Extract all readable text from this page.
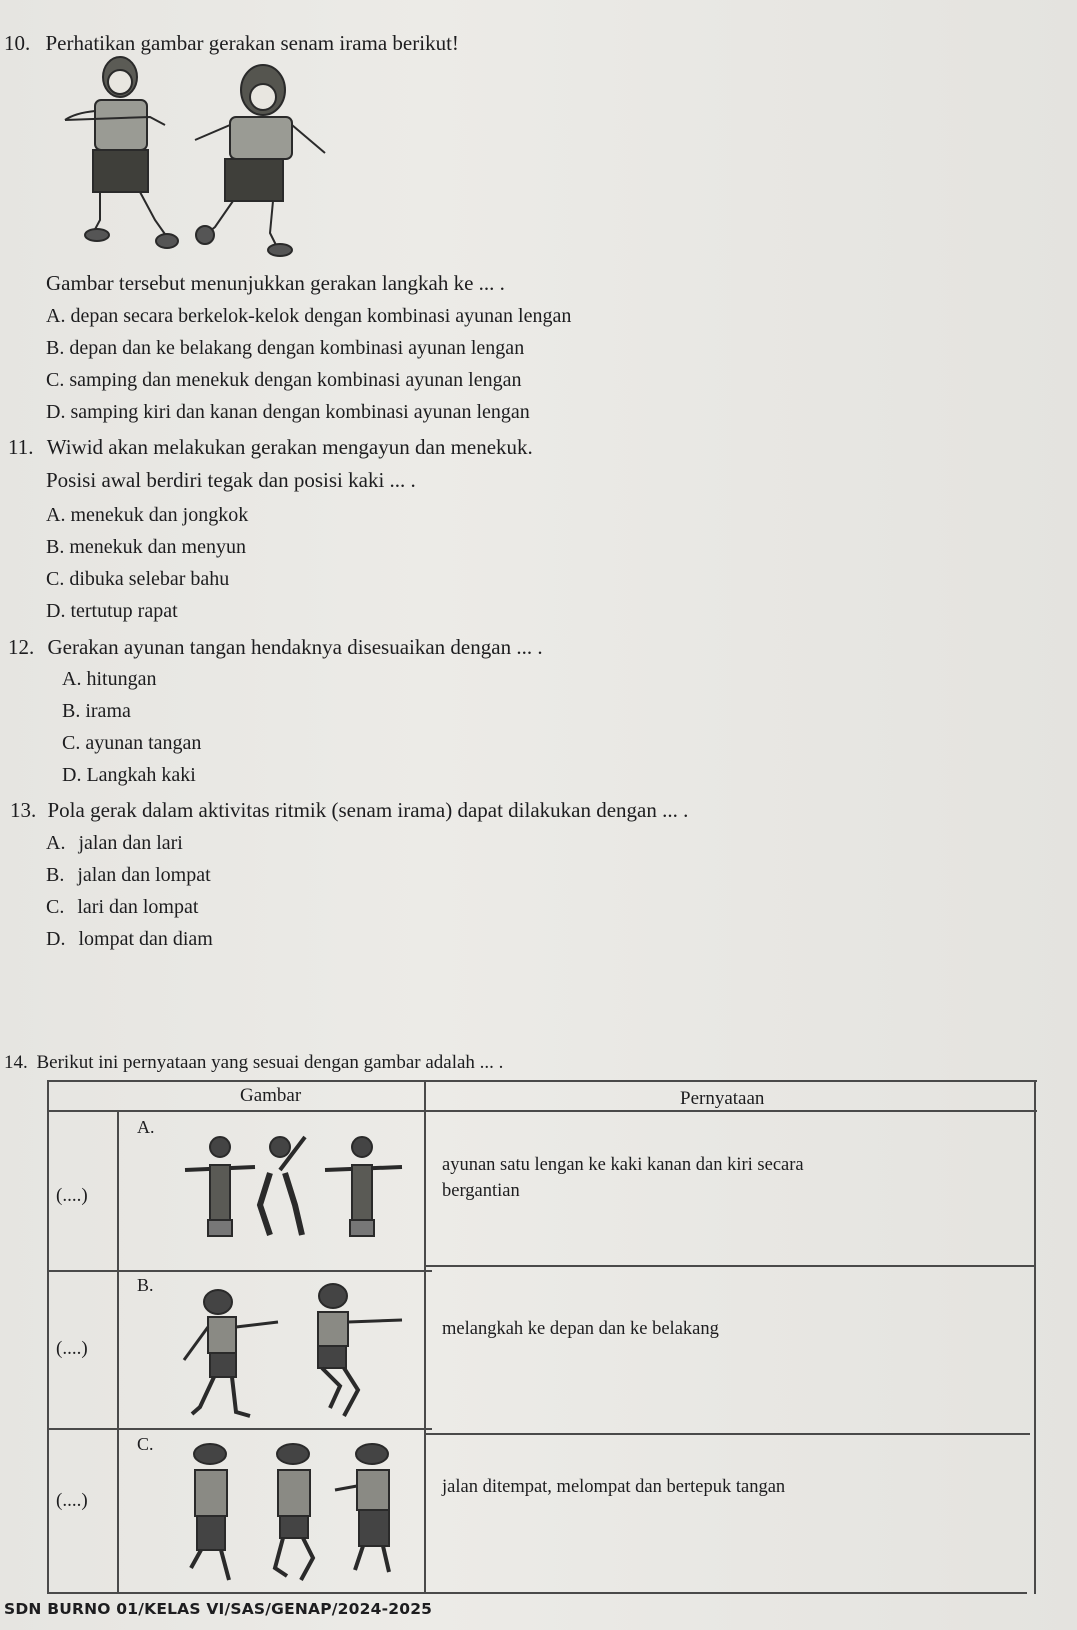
10. Perhatikan gambar gerakan senam irama berikut!
Gambar tersebut menunjukkan gerakan langkah ke ... .
A. depan secara berkelok-kelok dengan kombinasi ayunan lengan
B. depan dan ke belakang dengan kombinasi ayunan lengan
C. samping dan menekuk dengan kombinasi ayunan lengan
D. samping kiri dan kanan dengan kombinasi ayunan lengan
11. Wiwid akan melakukan gerakan mengayun dan menekuk.
Posisi awal berdiri tegak dan posisi kaki ... .
A. menekuk dan jongkok
B. menekuk dan menyun
C. dibuka selebar bahu
D. tertutup rapat
12. Gerakan ayunan tangan hendaknya disesuaikan dengan ... .
A. hitungan
B. irama
C. ayunan tangan
D. Langkah kaki
13. Pola gerak dalam aktivitas ritmik (senam irama) dapat dilakukan dengan ... .
A. jalan dan lari
B. jalan dan lompat
C. lari dan lompat
D. lompat dan diam
14. Berikut ini pernyataan yang sesuai dengan gambar adalah ... .
Gambar	Pernyataan
(....)
A.
ayunan satu lengan ke kaki kanan dan kiri secara
bergantian
(....)
B.
melangkah ke depan dan ke belakang
(....)
C.
jalan ditempat, melompat dan bertepuk tangan
SDN BURNO 01/KELAS VI/SAS/GENAP/2024-2025
